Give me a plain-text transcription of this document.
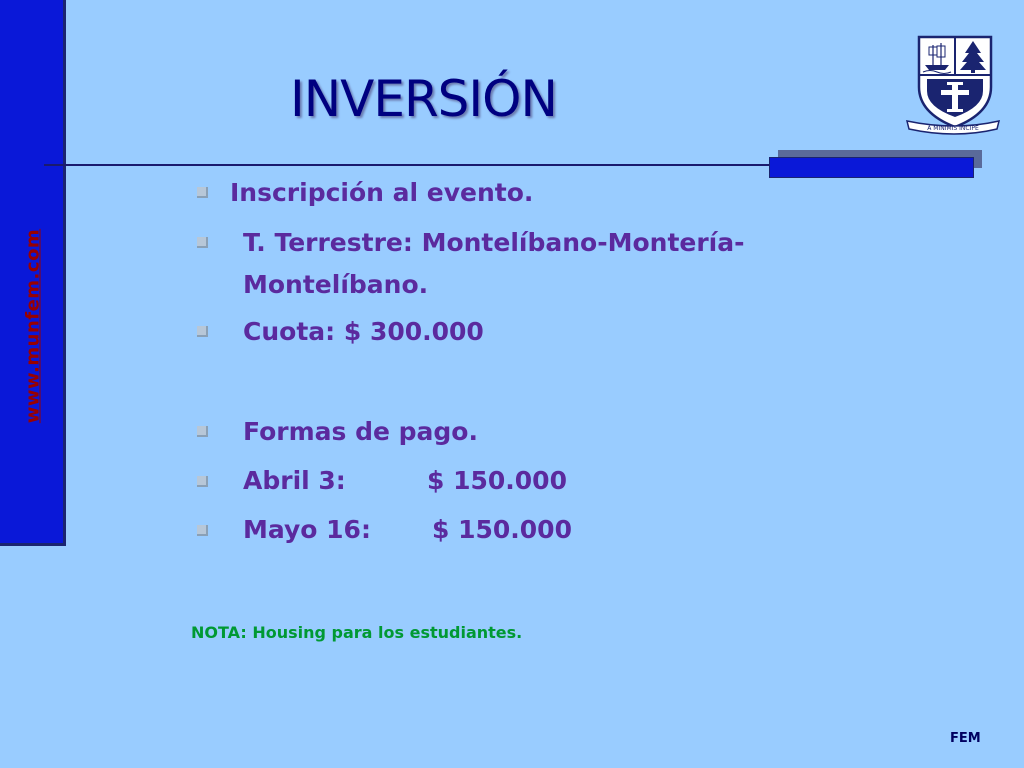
www.munfem.com
INVERSIÓN
A MINIMIS INCIPE
Inscripción al evento.
T. Terrestre: Montelíbano-Montería-
Montelíbano.
Cuota: $ 300.000
Formas de pago.
Abril 3:	$ 150.000
Mayo 16: $ 150.000
NOTA: Housing para los estudiantes.
FEM
